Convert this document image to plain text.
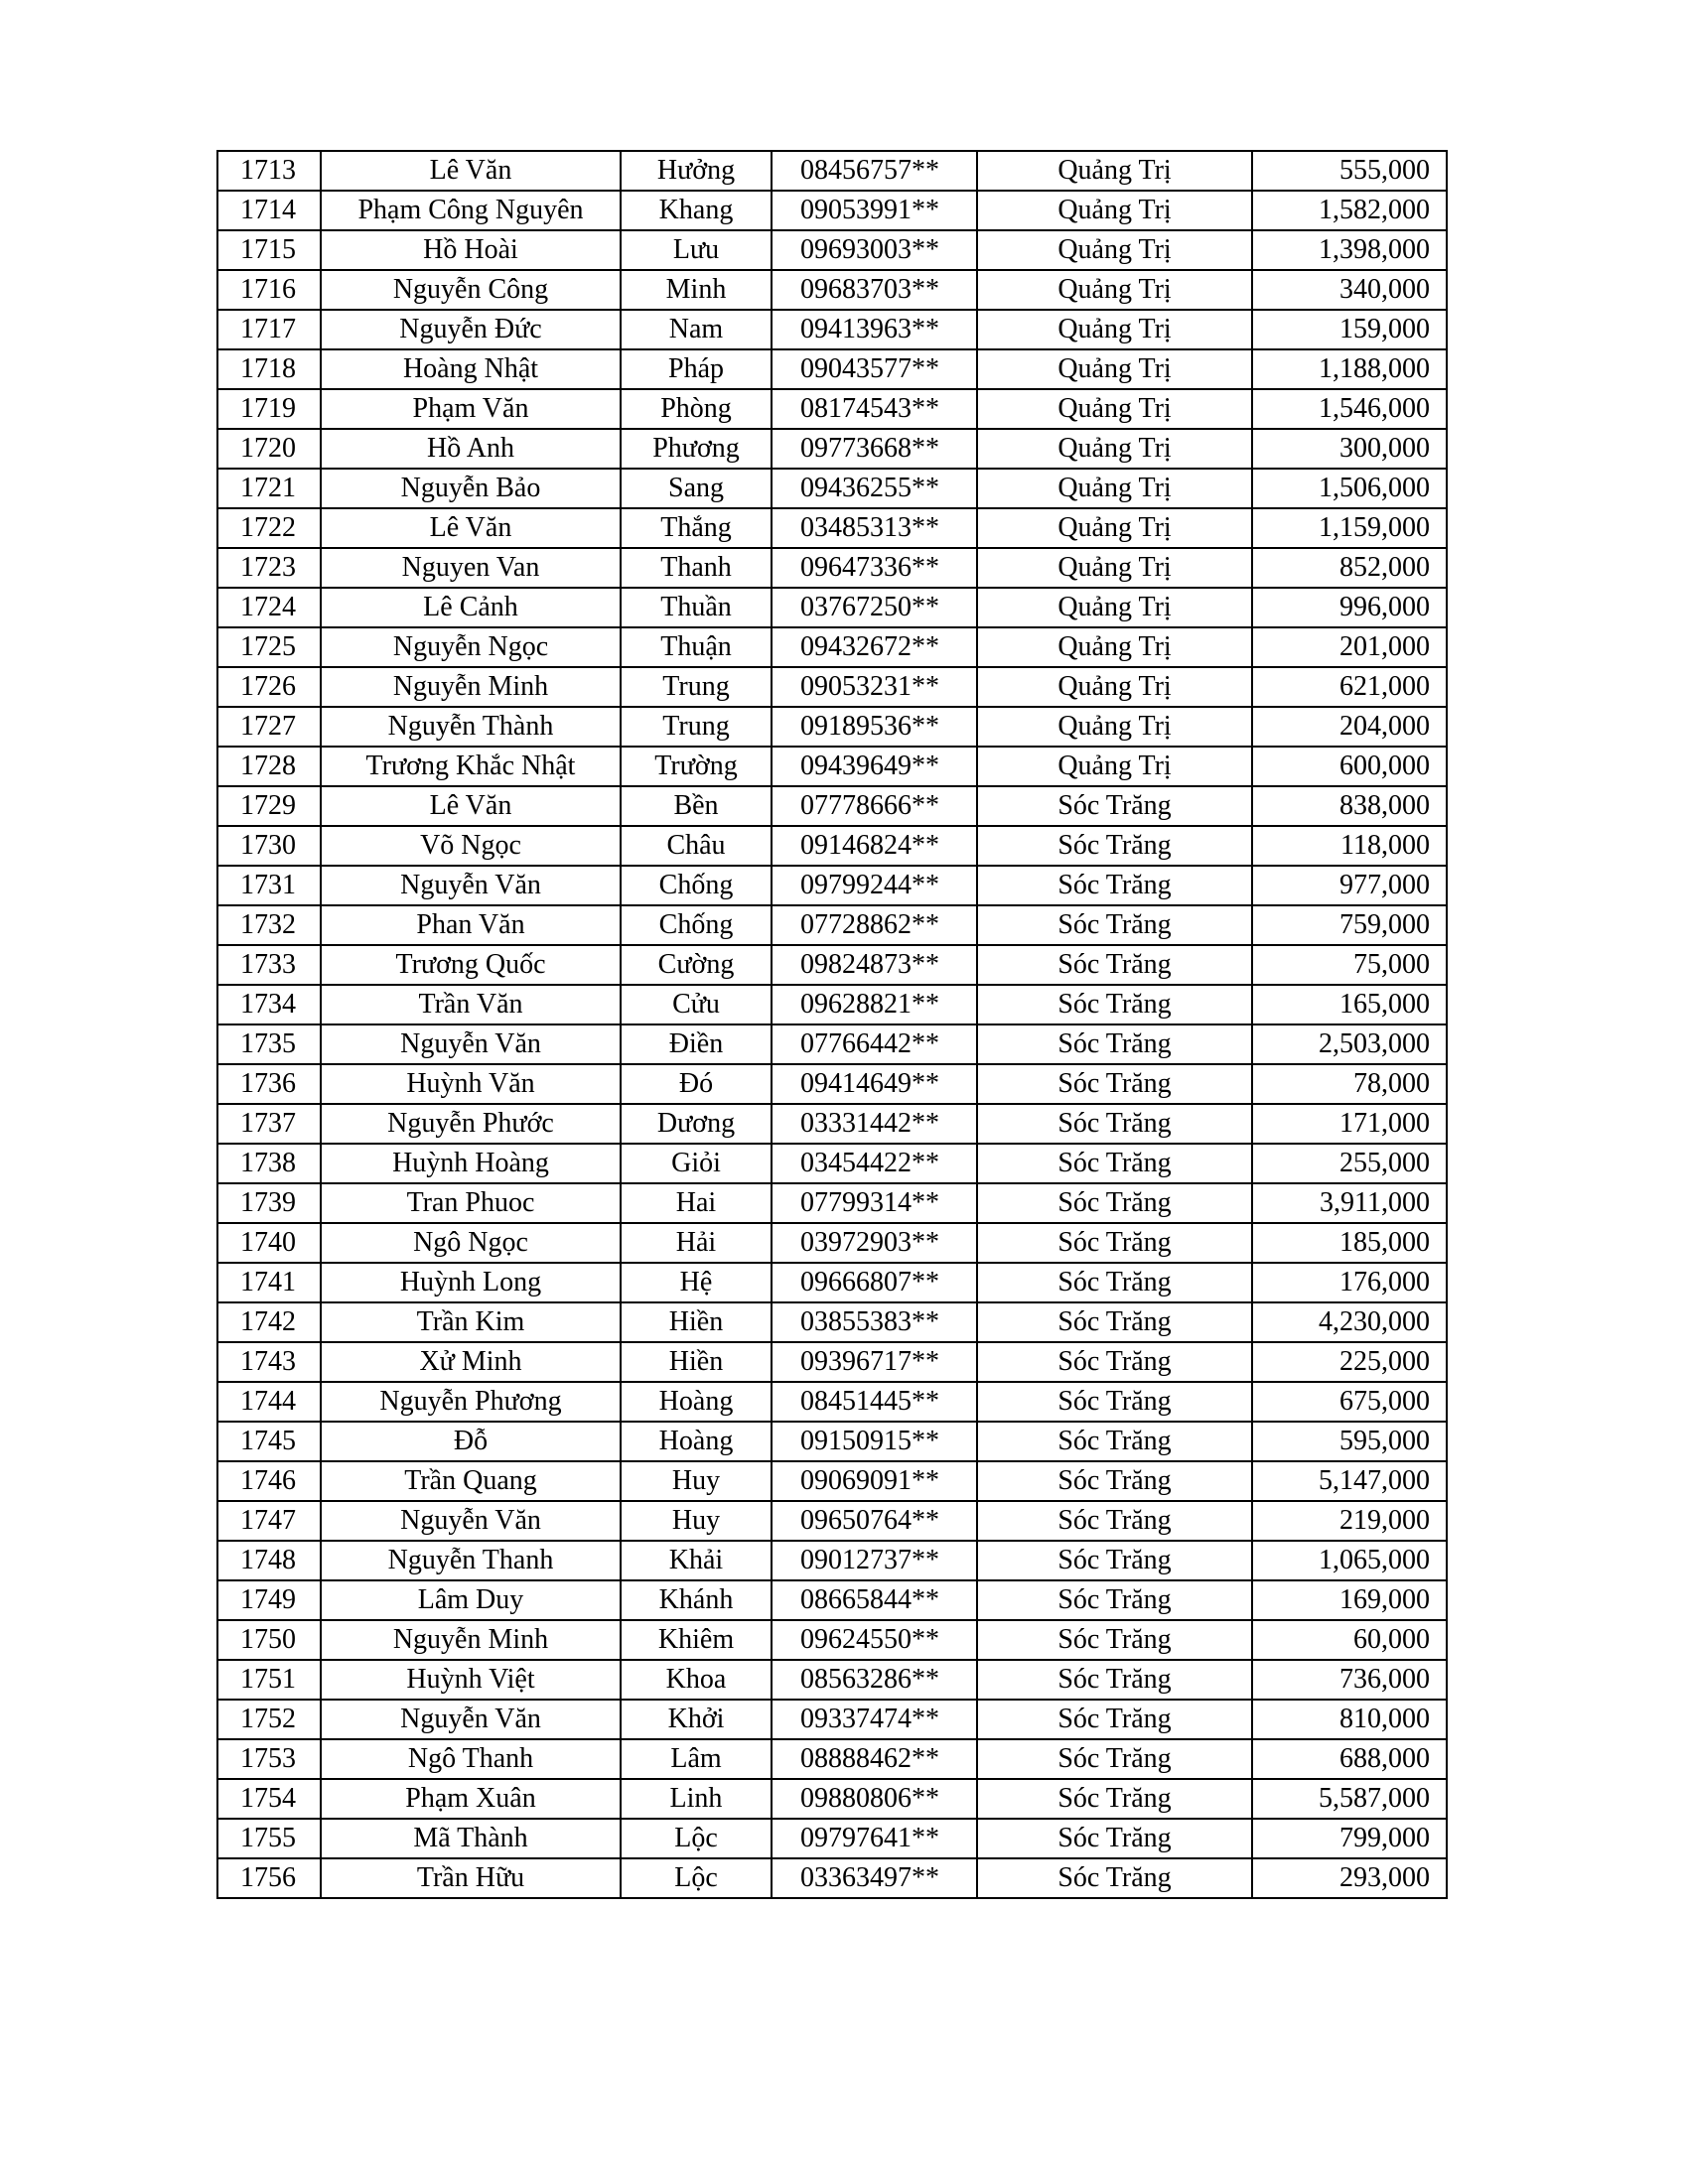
1713	Lê Văn	Hưởng	08456757**	Quảng Trị	555,000
1714	Phạm Công Nguyên	Khang	09053991**	Quảng Trị	1,582,000
1715	Hồ Hoài	Lưu	09693003**	Quảng Trị	1,398,000
1716	Nguyễn Công	Minh	09683703**	Quảng Trị	340,000
1717	Nguyễn Đức	Nam	09413963**	Quảng Trị	159,000
1718	Hoàng Nhật	Pháp	09043577**	Quảng Trị	1,188,000
1719	Phạm Văn	Phòng	08174543**	Quảng Trị	1,546,000
1720	Hồ Anh	Phương	09773668**	Quảng Trị	300,000
1721	Nguyễn Bảo	Sang	09436255**	Quảng Trị	1,506,000
1722	Lê Văn	Thắng	03485313**	Quảng Trị	1,159,000
1723	Nguyen Van	Thanh	09647336**	Quảng Trị	852,000
1724	Lê Cảnh	Thuần	03767250**	Quảng Trị	996,000
1725	Nguyễn Ngọc	Thuận	09432672**	Quảng Trị	201,000
1726	Nguyễn Minh	Trung	09053231**	Quảng Trị	621,000
1727	Nguyễn Thành	Trung	09189536**	Quảng Trị	204,000
1728	Trương Khắc Nhật	Trường	09439649**	Quảng Trị	600,000
1729	Lê Văn	Bền	07778666**	Sóc Trăng	838,000
1730	Võ Ngọc	Châu	09146824**	Sóc Trăng	118,000
1731	Nguyễn Văn	Chống	09799244**	Sóc Trăng	977,000
1732	Phan Văn	Chống	07728862**	Sóc Trăng	759,000
1733	Trương Quốc	Cường	09824873**	Sóc Trăng	75,000
1734	Trần Văn	Cửu	09628821**	Sóc Trăng	165,000
1735	Nguyễn Văn	Điền	07766442**	Sóc Trăng	2,503,000
1736	Huỳnh Văn	Đó	09414649**	Sóc Trăng	78,000
1737	Nguyễn Phước	Dương	03331442**	Sóc Trăng	171,000
1738	Huỳnh Hoàng	Giỏi	03454422**	Sóc Trăng	255,000
1739	Tran Phuoc	Hai	07799314**	Sóc Trăng	3,911,000
1740	Ngô Ngọc	Hải	03972903**	Sóc Trăng	185,000
1741	Huỳnh Long	Hệ	09666807**	Sóc Trăng	176,000
1742	Trần Kim	Hiền	03855383**	Sóc Trăng	4,230,000
1743	Xử Minh	Hiền	09396717**	Sóc Trăng	225,000
1744	Nguyễn Phương	Hoàng	08451445**	Sóc Trăng	675,000
1745	Đỗ	Hoàng	09150915**	Sóc Trăng	595,000
1746	Trần Quang	Huy	09069091**	Sóc Trăng	5,147,000
1747	Nguyễn Văn	Huy	09650764**	Sóc Trăng	219,000
1748	Nguyễn Thanh	Khải	09012737**	Sóc Trăng	1,065,000
1749	Lâm Duy	Khánh	08665844**	Sóc Trăng	169,000
1750	Nguyễn Minh	Khiêm	09624550**	Sóc Trăng	60,000
1751	Huỳnh Việt	Khoa	08563286**	Sóc Trăng	736,000
1752	Nguyễn Văn	Khởi	09337474**	Sóc Trăng	810,000
1753	Ngô Thanh	Lâm	08888462**	Sóc Trăng	688,000
1754	Phạm Xuân	Linh	09880806**	Sóc Trăng	5,587,000
1755	Mã Thành	Lộc	09797641**	Sóc Trăng	799,000
1756	Trần Hữu	Lộc	03363497**	Sóc Trăng	293,000
